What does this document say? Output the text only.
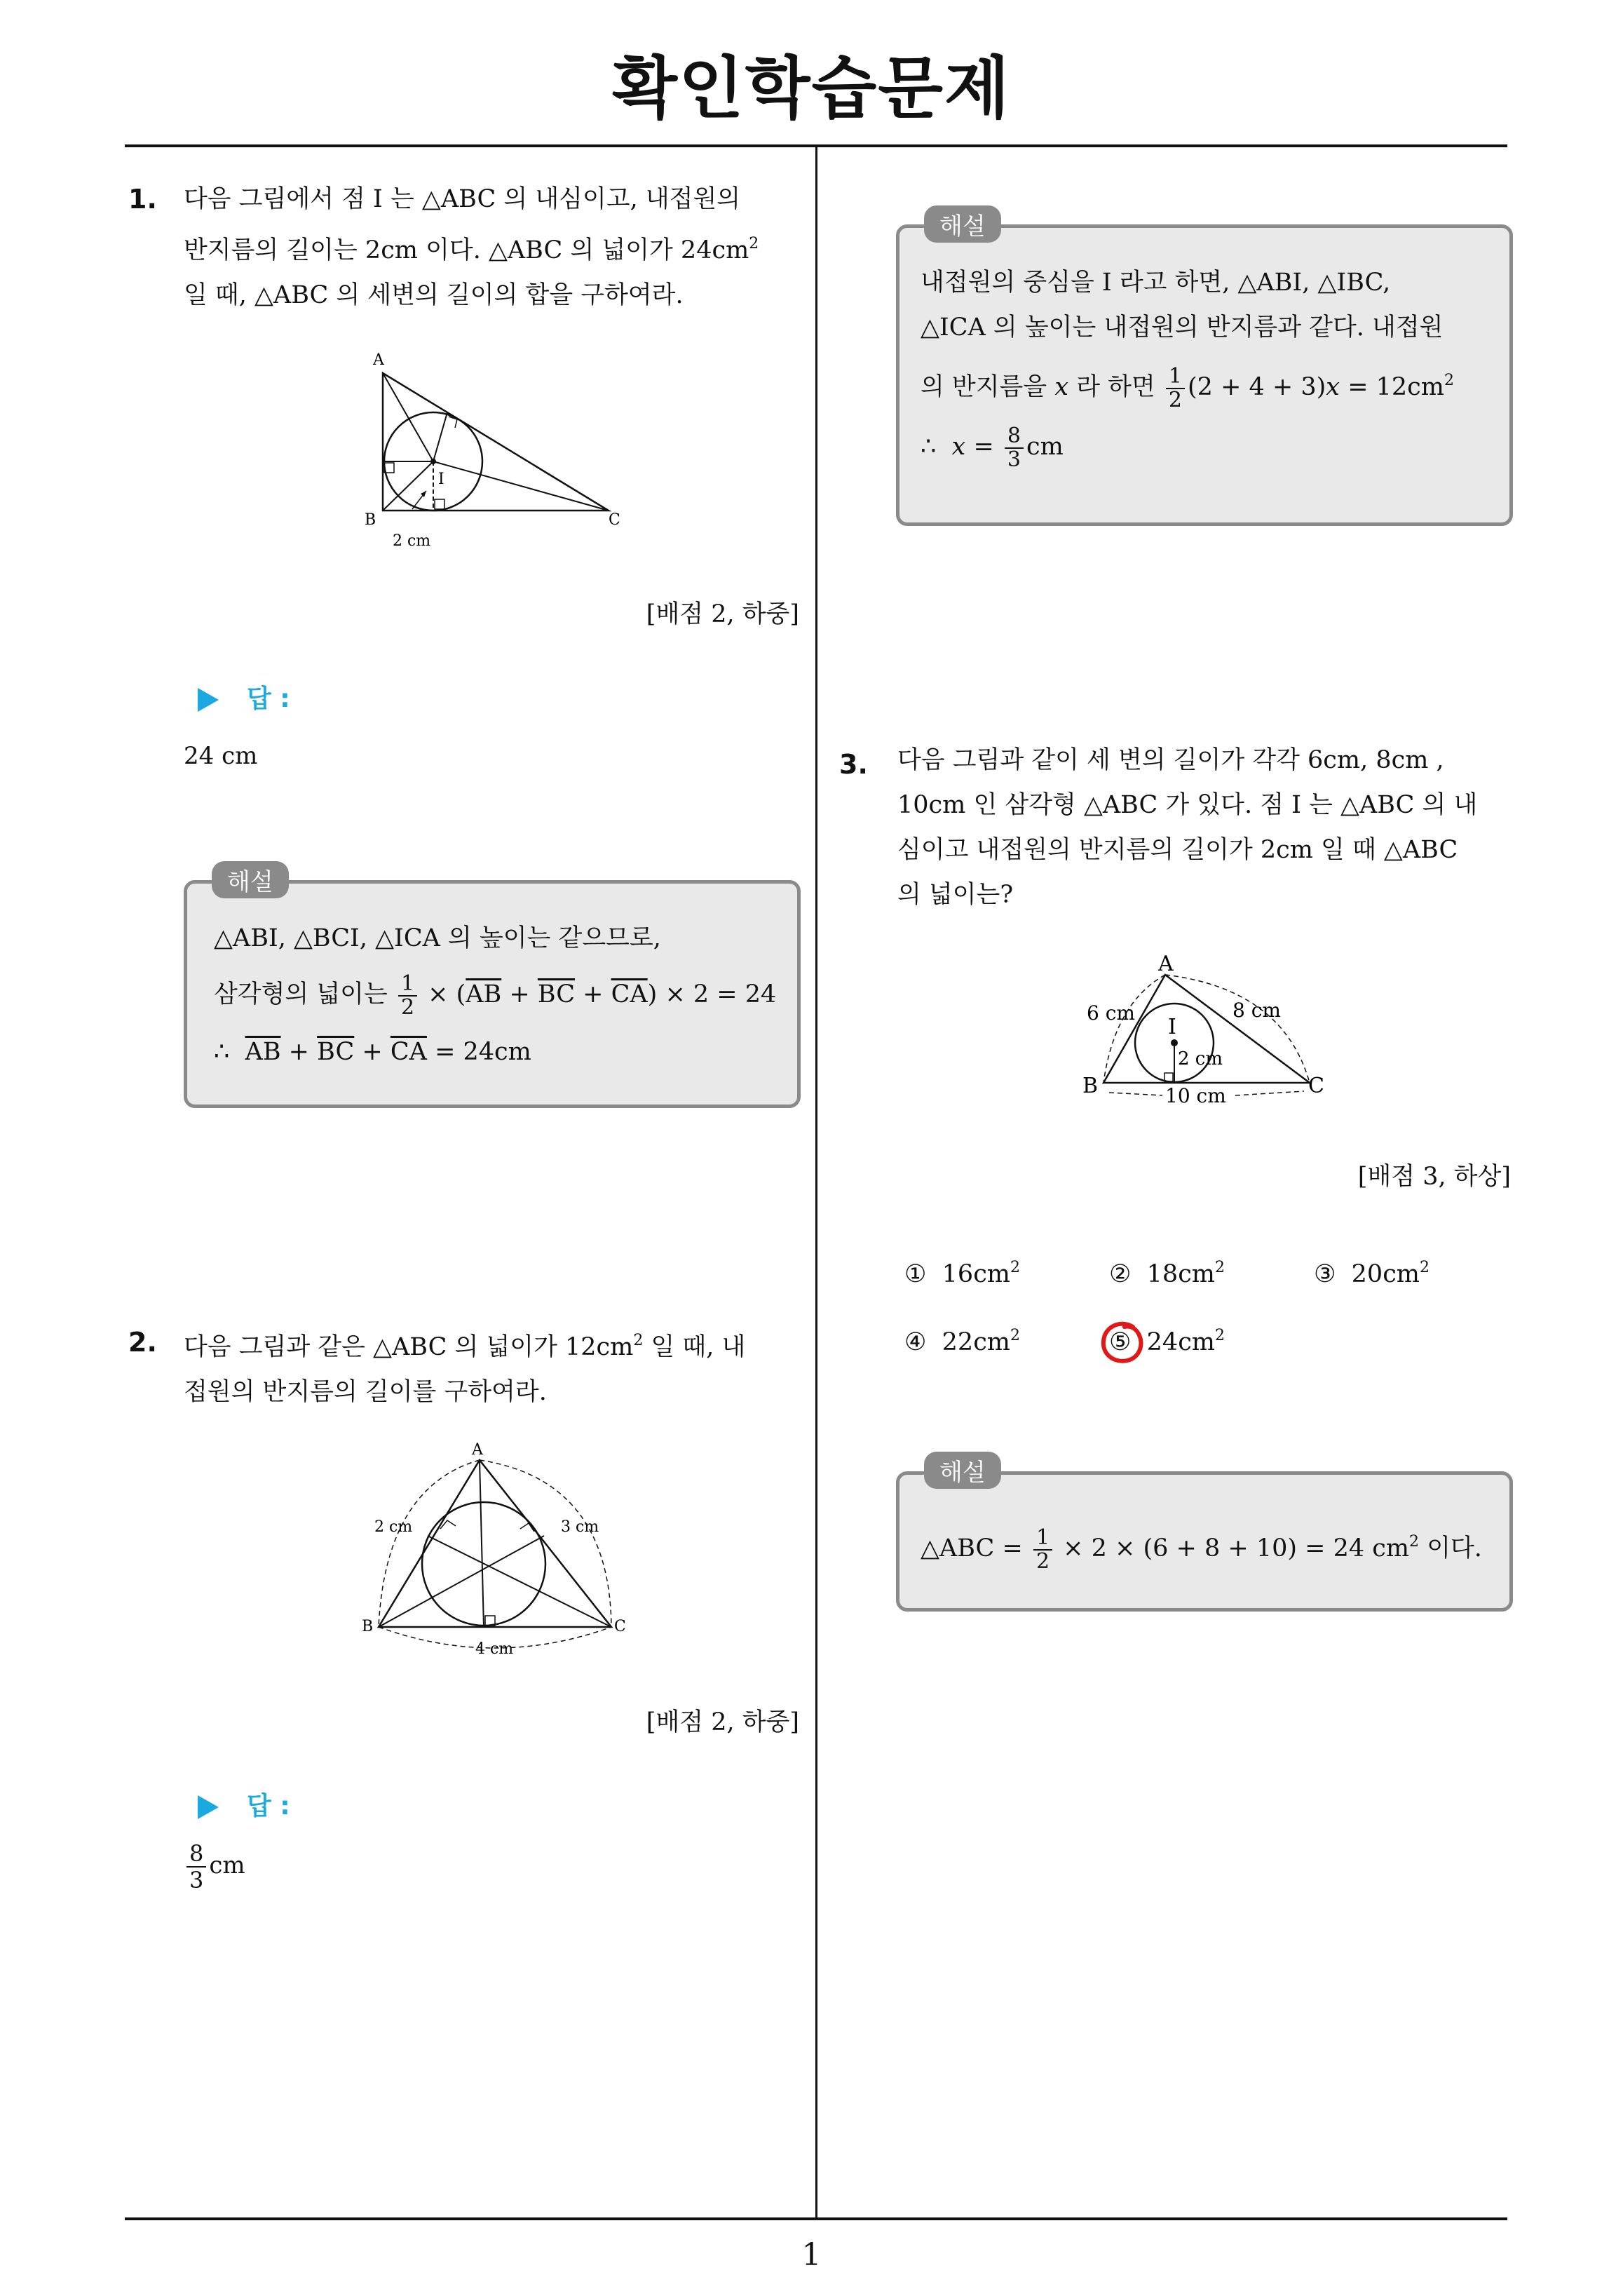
확인학습문제
1
1. 다음 그림에서 점 I 는 △ABC 의 내심이고, 내접원의
반지름의 길이는 2cm 이다. △ABC 의 넓이가 $24cm^2$
일 때, △ABC 의 세변의 길이의 합을 구하여라.
A
B	C
I
2 cm
[배점 2, 하중]
답 :
24 cm
△ABI, △BCI, △ICA 의 높이는 같으므로,
삼각형의 넓이는 $\frac{1}{2} \times (\overline{AB} + \overline{BC} + \overline{CA}) \times 2 = 24$
∴ $\overline{AB} + \overline{BC} + \overline{CA} = 24cm$
해설
2. 다음 그림과 같은 △ABC 의 넓이가 $12cm^2$ 일 때, 내
접원의 반지름의 길이를 구하여라.
A
B	C
2 cm	3 cm
4 cm
[배점 2, 하중]
답 :
$\frac{8}{3}$ cm
내접원의 중심을 I 라고 하면, △ABI, △IBC,
△ICA 의 높이는 내접원의 반지름과 같다. 내접원
의 반지름을 x 라 하면 $\frac{1}{2} (2 + 4 + 3)x = 12cm^2$
∴ $x = \frac{8}{3}$ cm
해설
3. 다음 그림과 같이 세 변의 길이가 각각 6cm, 8cm ,
10cm 인 삼각형 △ABC 가 있다. 점 I 는 △ABC 의 내
심이고 내접원의 반지름의 길이가 2cm 일 때 △ABC
의 넓이는?
A
B	C
I
6 cm	8 cm
2 cm
10 cm
[배점 3, 하상]
① $16cm^2$	② $18cm^2$	③ $20cm^2$
④ $22cm^2$	⑤ $24cm^2$
△ABC = $\frac{1}{2} \times 2 \times (6 + 8 + 10) = 24$ $cm^2$ 이다.
해설
